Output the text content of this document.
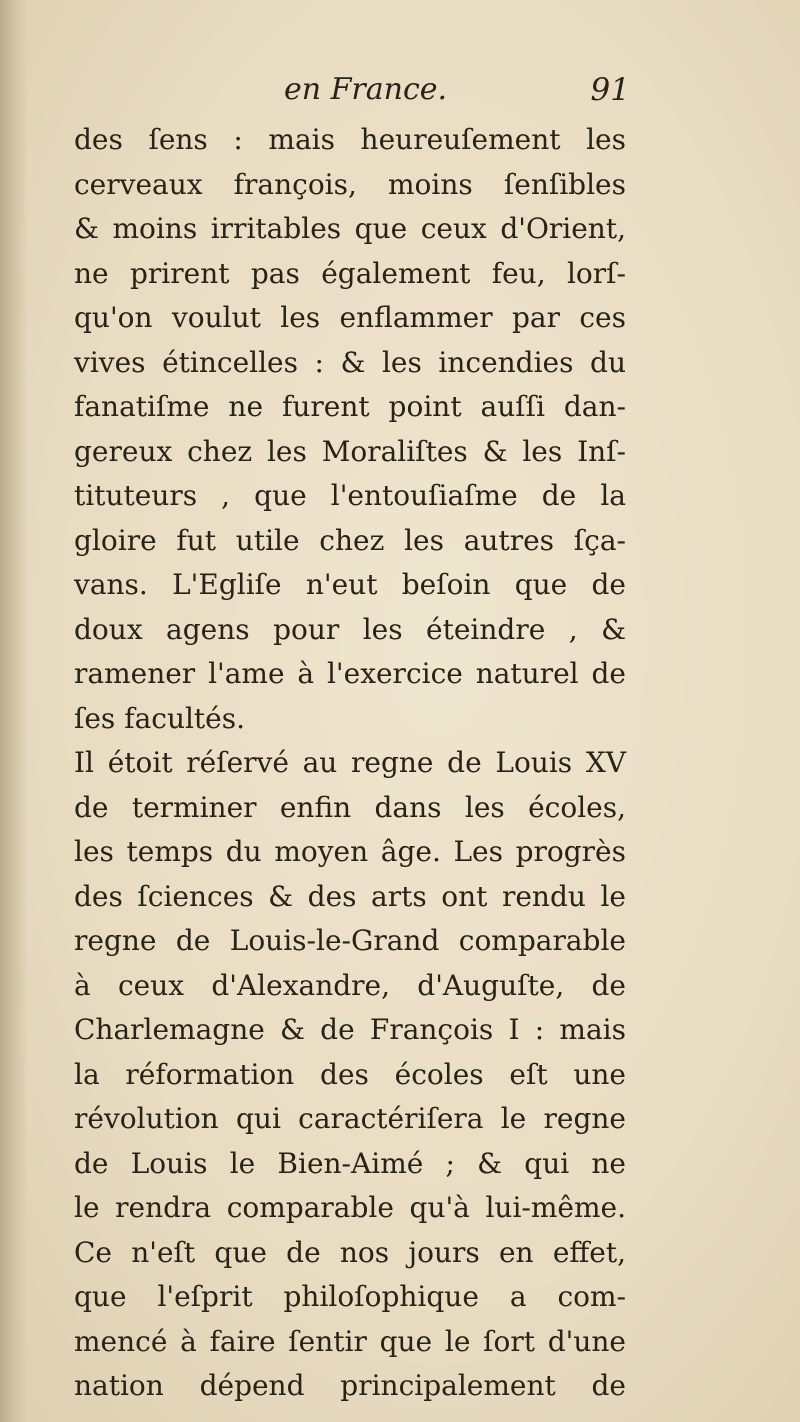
en France.	91
des ſens : mais heureuſement les
cerveaux françois, moins ſenſibles
& moins irritables que ceux d'Orient,
ne prirent pas également feu, lorſ-
qu'on voulut les enflammer par ces
vives étincelles : & les incendies du
fanatiſme ne furent point auſſi dan-
gereux chez les Moraliſtes & les Inſ-
tituteurs , que l'entouſiaſme de la
gloire fut utile chez les autres ſça-
vans. L'Egliſe n'eut beſoin que de
doux agens pour les éteindre , &
ramener l'ame à l'exercice naturel de
ſes facultés.
Il étoit réſervé au regne de Louis XV
de terminer enfin dans les écoles,
les temps du moyen âge. Les progrès
des ſciences & des arts ont rendu le
regne de Louis-le-Grand comparable
à ceux d'Alexandre, d'Auguſte, de
Charlemagne & de François I : mais
la réformation des écoles eſt une
révolution qui caractériſera le regne
de Louis le Bien-Aimé ; & qui ne
le rendra comparable qu'à lui-même.
Ce n'eſt que de nos jours en effet,
que l'eſprit philoſophique a com-
mencé à faire ſentir que le ſort d'une
nation dépend principalement de
